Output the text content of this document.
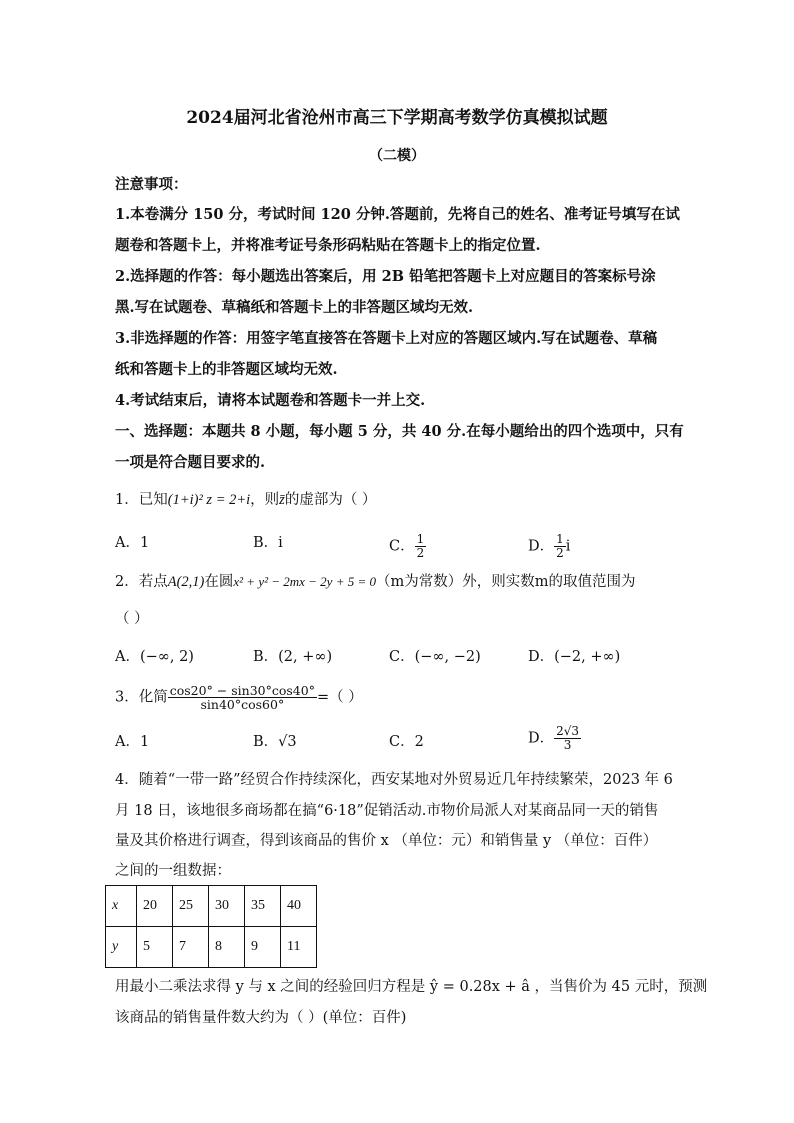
2024届河北省沧州市高三下学期高考数学仿真模拟试题
（二模）
注意事项：
1.本卷满分 150 分，考试时间 120 分钟.答题前，先将自己的姓名、准考证号填写在试
题卷和答题卡上，并将准考证号条形码粘贴在答题卡上的指定位置.
2.选择题的作答：每小题选出答案后，用 2B 铅笔把答题卡上对应题目的答案标号涂
黑.写在试题卷、草稿纸和答题卡上的非答题区域均无效.
3.非选择题的作答：用签字笔直接答在答题卡上对应的答题区域内.写在试题卷、草稿
纸和答题卡上的非答题区域均无效.
4.考试结束后，请将本试题卷和答题卡一并上交.
一、选择题：本题共 8 小题，每小题 5 分，共 40 分.在每小题给出的四个选项中，只有
一项是符合题目要求的.
1．已知(1+i)² z = 2+i，则z̄的虚部为（ ）
A．1	B．i	C． $\frac{1}{2}$	D． $\frac{1}{2}$ i
2．若点A(2,1)在圆x² + y² − 2mx − 2y + 5 = 0（m为常数）外，则实数m的取值范围为
（ ）
A．(−∞, 2)	B．(2, +∞)	C．(−∞, −2)	D．(−2, +∞)
3．化简 $\frac{\cos 20^\circ - \sin 30^\circ\cos 40^\circ}{\sin 40^\circ\cos 60^\circ}$ =（ ）
A．1	B．√3	C．2	D． $\frac{2√3}{3}$
4．随着“一带一路”经贸合作持续深化，西安某地对外贸易近几年持续繁荣，2023 年 6
月 18 日，该地很多商场都在搞“6·18”促销活动.市物价局派人对某商品同一天的销售
量及其价格进行调查，得到该商品的售价 x （单位：元）和销售量 y （单位：百件）
之间的一组数据：
x	20	25	30	35	40
y	5	7	8	9	11
用最小二乘法求得 y 与 x 之间的经验回归方程是 ŷ = 0.28x + â ，当售价为 45 元时，预测
该商品的销售量件数大约为（ ）(单位：百件)
